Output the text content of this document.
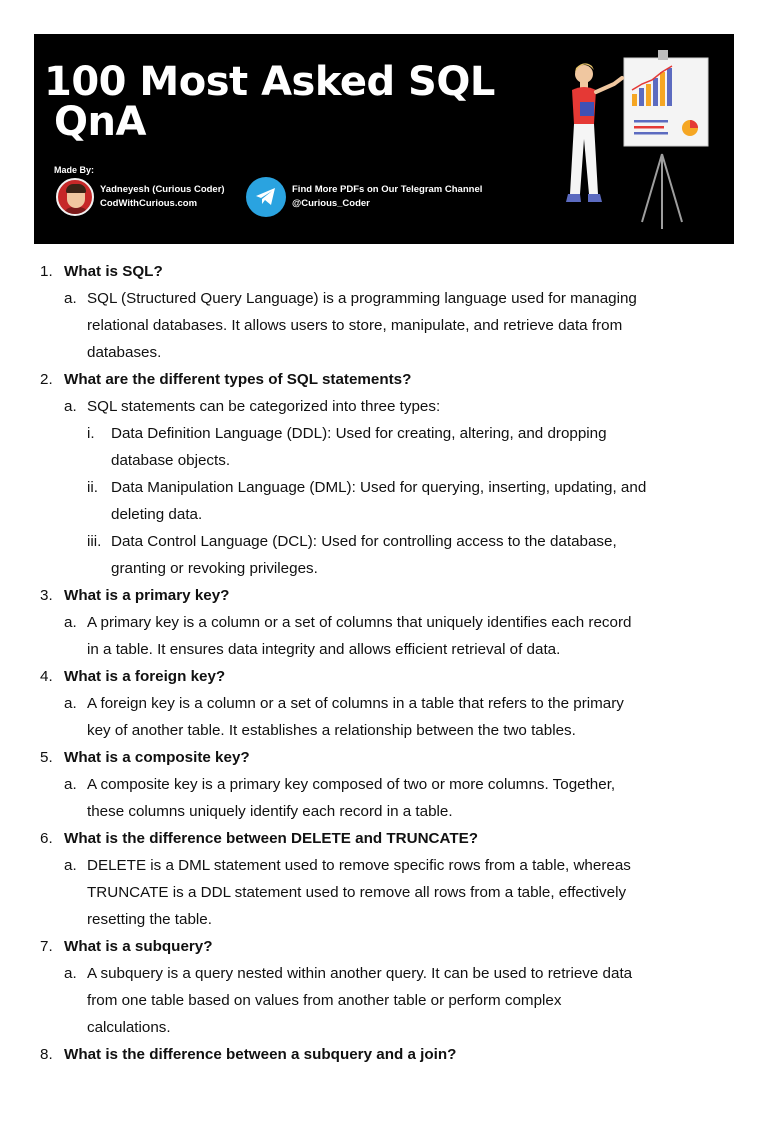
100 Most Asked SQL
QnA
Made By:
Yadneyesh (Curious Coder)
CodWithCurious.com
Find More PDFs on Our Telegram Channel
@Curious_Coder
1. What is SQL?
a. SQL (Structured Query Language) is a programming language used for managing
relational databases. It allows users to store, manipulate, and retrieve data from
databases.
2. What are the different types of SQL statements?
a. SQL statements can be categorized into three types:
i.	Data Definition Language (DDL): Used for creating, altering, and dropping
database objects.
ii. Data Manipulation Language (DML): Used for querying, inserting, updating, and
deleting data.
iii. Data Control Language (DCL): Used for controlling access to the database,
granting or revoking privileges.
3. What is a primary key?
a. A primary key is a column or a set of columns that uniquely identifies each record
in a table. It ensures data integrity and allows efficient retrieval of data.
4. What is a foreign key?
a. A foreign key is a column or a set of columns in a table that refers to the primary
key of another table. It establishes a relationship between the two tables.
5. What is a composite key?
a. A composite key is a primary key composed of two or more columns. Together,
these columns uniquely identify each record in a table.
6. What is the difference between DELETE and TRUNCATE?
a. DELETE is a DML statement used to remove specific rows from a table, whereas
TRUNCATE is a DDL statement used to remove all rows from a table, effectively
resetting the table.
7. What is a subquery?
a. A subquery is a query nested within another query. It can be used to retrieve data
from one table based on values from another table or perform complex
calculations.
8. What is the difference between a subquery and a join?
